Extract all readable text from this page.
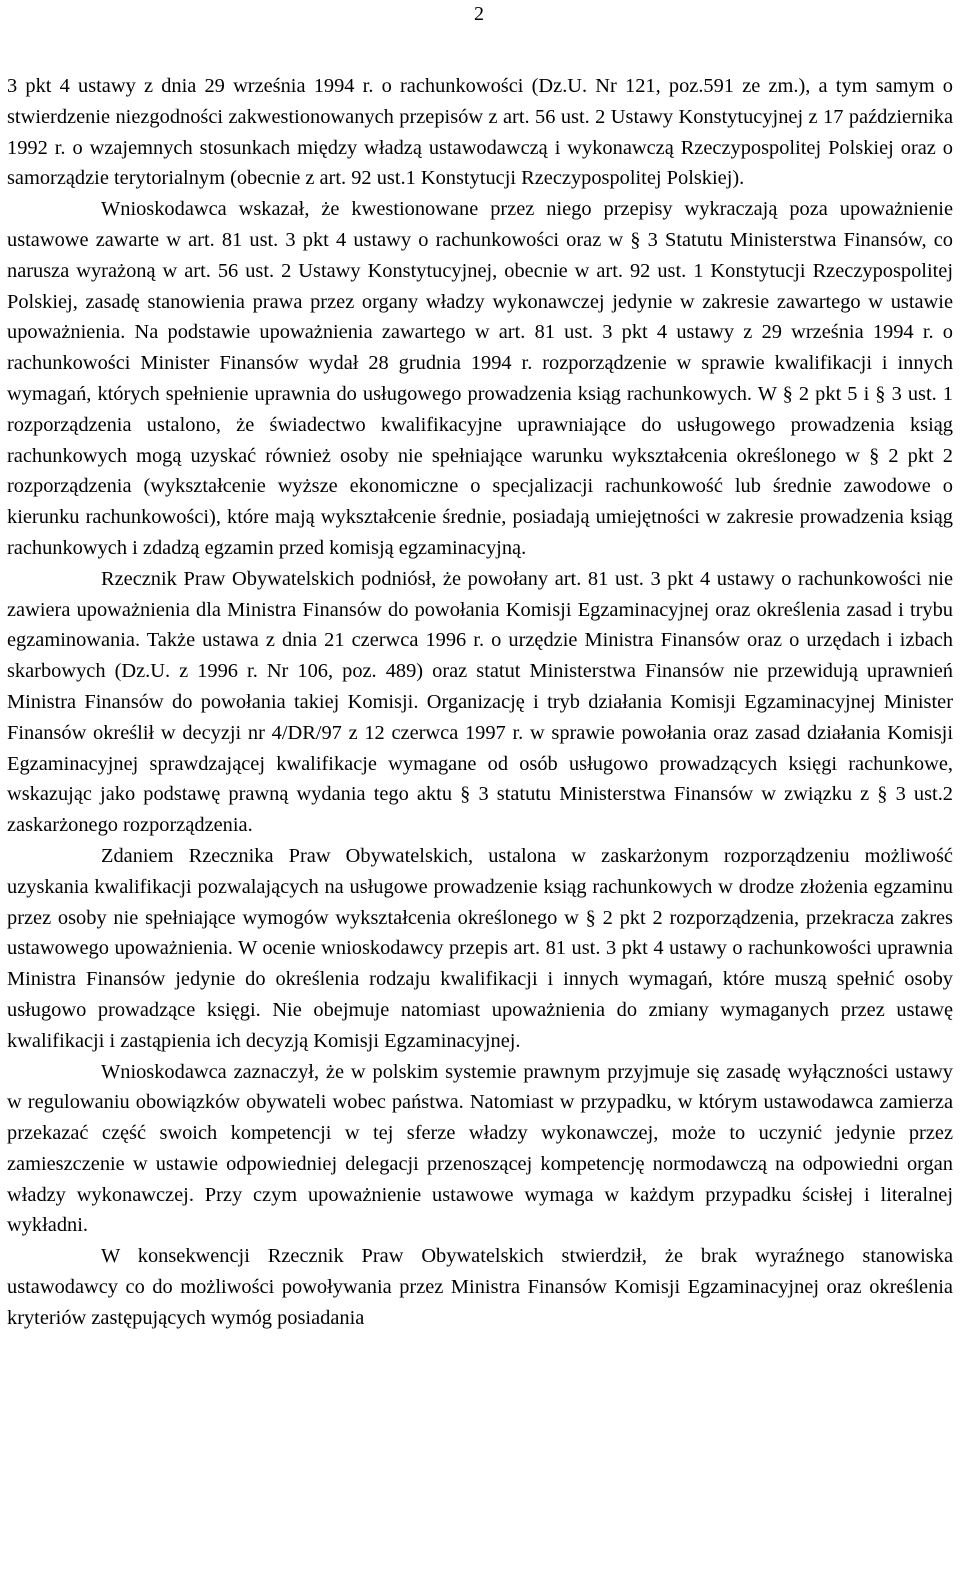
2

3 pkt 4 ustawy z dnia 29 września 1994 r. o rachunkowości (Dz.U. Nr 121, poz.591 ze zm.), a tym samym o stwierdzenie niezgodności zakwestionowanych przepisów z art. 56 ust. 2 Ustawy Konstytucyjnej z 17 października 1992 r. o wzajemnych stosunkach między władzą ustawodawczą i wykonawczą Rzeczypospolitej Polskiej oraz o samorządzie terytorialnym (obecnie z art. 92 ust.1 Konstytucji Rzeczypospolitej Polskiej).

Wnioskodawca wskazał, że kwestionowane przez niego przepisy wykraczają poza upoważnienie ustawowe zawarte w art. 81 ust. 3 pkt 4 ustawy o rachunkowości oraz w § 3 Statutu Ministerstwa Finansów, co narusza wyrażoną w art. 56 ust. 2 Ustawy Konstytucyjnej, obecnie w art. 92 ust. 1 Konstytucji Rzeczypospolitej Polskiej, zasadę stanowienia prawa przez organy władzy wykonawczej jedynie w zakresie zawartego w ustawie upoważnienia. Na podstawie upoważnienia zawartego w art. 81 ust. 3 pkt 4 ustawy z 29 września 1994 r. o rachunkowości Minister Finansów wydał 28 grudnia 1994 r. rozporządzenie w sprawie kwalifikacji i innych wymagań, których spełnienie uprawnia do usługowego prowadzenia ksiąg rachunkowych. W § 2 pkt 5 i § 3 ust. 1 rozporządzenia ustalono, że świadectwo kwalifikacyjne uprawniające do usługowego prowadzenia ksiąg rachunkowych mogą uzyskać również osoby nie spełniające warunku wykształcenia określonego w § 2 pkt 2 rozporządzenia (wykształcenie wyższe ekonomiczne o specjalizacji rachunkowość lub średnie zawodowe o kierunku rachunkowości), które mają wykształcenie średnie, posiadają umiejętności w zakresie prowadzenia ksiąg rachunkowych i zdadzą egzamin przed komisją egzaminacyjną.

Rzecznik Praw Obywatelskich podniósł, że powołany art. 81 ust. 3 pkt 4 ustawy o rachunkowości nie zawiera upoważnienia dla Ministra Finansów do powołania Komisji Egzaminacyjnej oraz określenia zasad i trybu egzaminowania. Także ustawa z dnia 21 czerwca 1996 r. o urzędzie Ministra Finansów oraz o urzędach i izbach skarbowych (Dz.U. z 1996 r. Nr 106, poz. 489) oraz statut Ministerstwa Finansów nie przewidują uprawnień Ministra Finansów do powołania takiej Komisji. Organizację i tryb działania Komisji Egzaminacyjnej Minister Finansów określił w decyzji nr 4/DR/97 z 12 czerwca 1997 r. w sprawie powołania oraz zasad działania Komisji Egzaminacyjnej sprawdzającej kwalifikacje wymagane od osób usługowo prowadzących księgi rachunkowe, wskazując jako podstawę prawną wydania tego aktu § 3 statutu Ministerstwa Finansów w związku z § 3 ust.2 zaskarżonego rozporządzenia.

Zdaniem Rzecznika Praw Obywatelskich, ustalona w zaskarżonym rozporządzeniu możliwość uzyskania kwalifikacji pozwalających na usługowe prowadzenie ksiąg rachunkowych w drodze złożenia egzaminu przez osoby nie spełniające wymogów wykształcenia określonego w § 2 pkt 2 rozporządzenia, przekracza zakres ustawowego upoważnienia. W ocenie wnioskodawcy przepis art. 81 ust. 3 pkt 4 ustawy o rachunkowości uprawnia Ministra Finansów jedynie do określenia rodzaju kwalifikacji i innych wymagań, które muszą spełnić osoby usługowo prowadzące księgi. Nie obejmuje natomiast upoważnienia do zmiany wymaganych przez ustawę kwalifikacji i zastąpienia ich decyzją Komisji Egzaminacyjnej.

Wnioskodawca zaznaczył, że w polskim systemie prawnym przyjmuje się zasadę wyłączności ustawy w regulowaniu obowiązków obywateli wobec państwa. Natomiast w przypadku, w którym ustawodawca zamierza przekazać część swoich kompetencji w tej sferze władzy wykonawczej, może to uczynić jedynie przez zamieszczenie w ustawie odpowiedniej delegacji przenoszącej kompetencję normodawczą na odpowiedni organ władzy wykonawczej. Przy czym upoważnienie ustawowe wymaga w każdym przypadku ścisłej i literalnej wykładni.

W konsekwencji Rzecznik Praw Obywatelskich stwierdził, że brak wyraźnego stanowiska ustawodawcy co do możliwości powoływania przez Ministra Finansów Komisji Egzaminacyjnej oraz określenia kryteriów zastępujących wymóg posiadania
